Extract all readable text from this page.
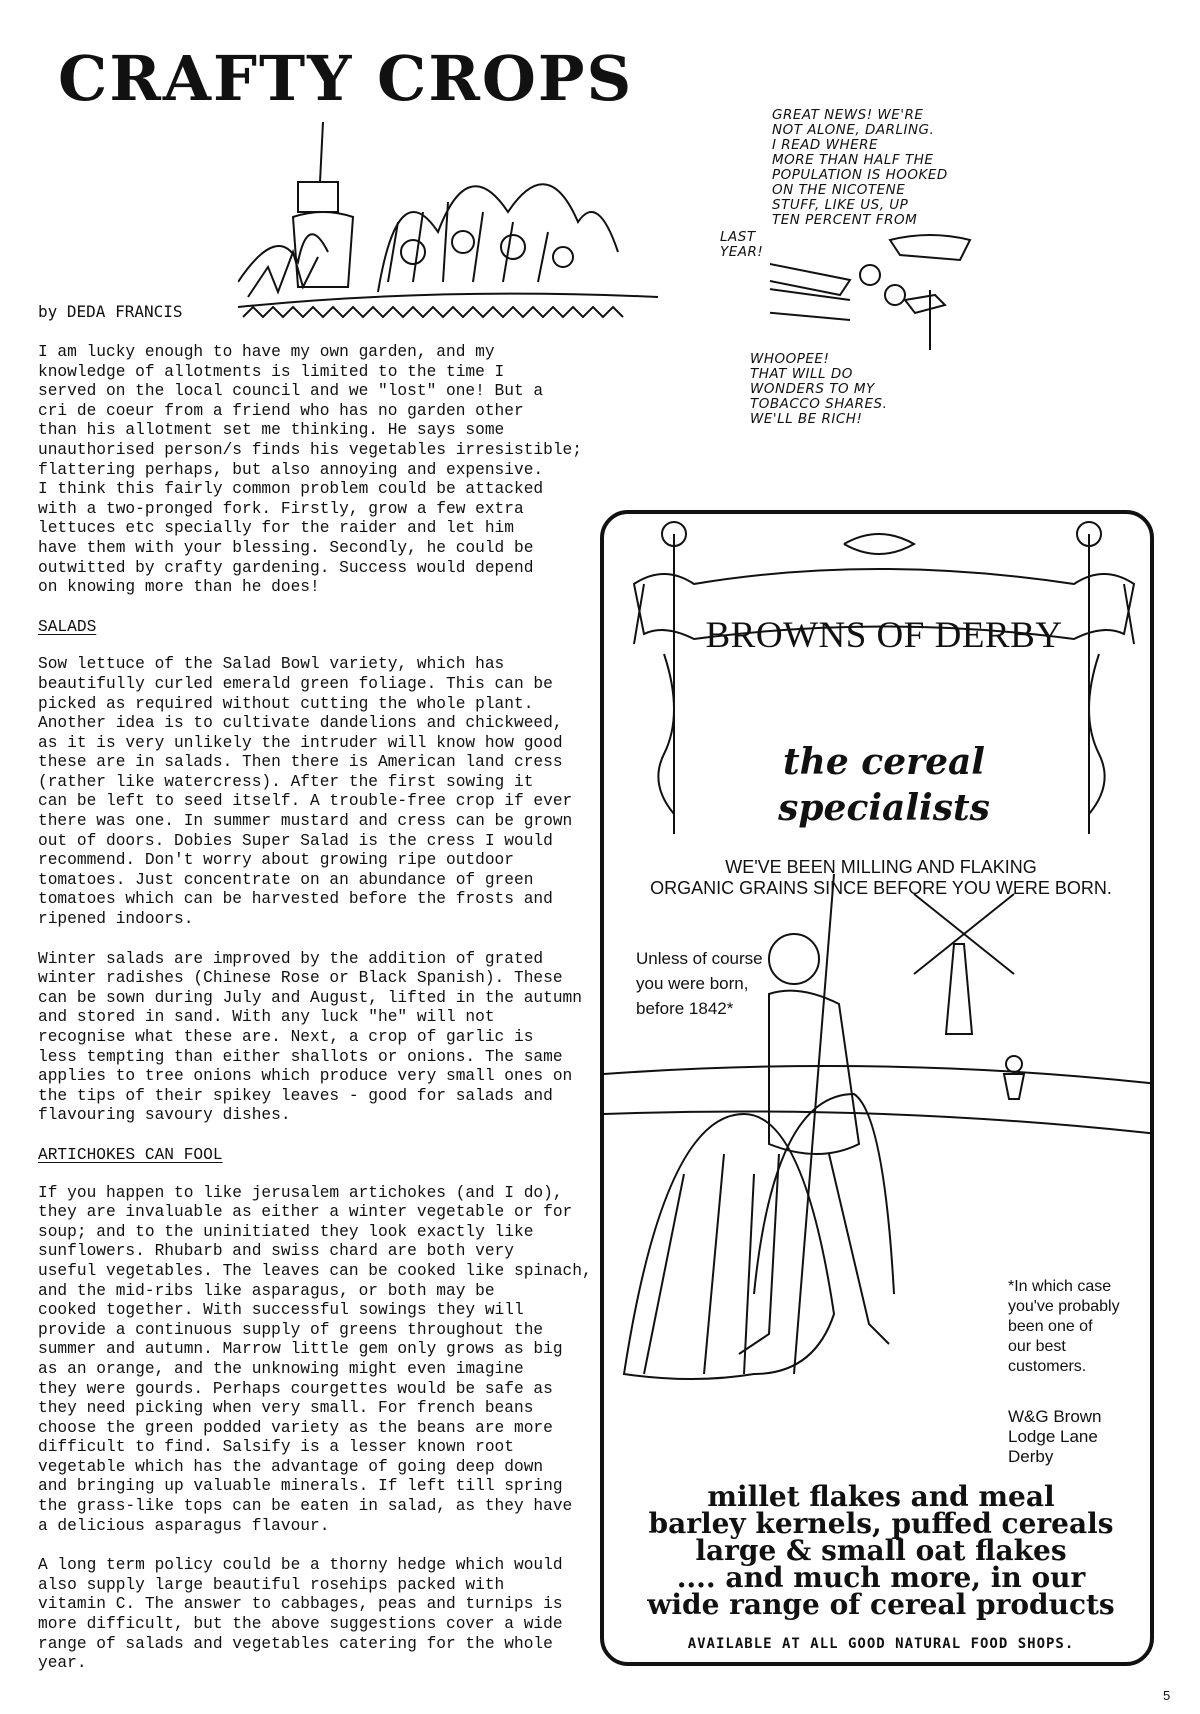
CRAFTY CROPS
by DEDA FRANCIS

I am lucky enough to have my own garden, and my
knowledge of allotments is limited to the time I
served on the local council and we "lost" one! But a
cri de coeur from a friend who has no garden other
than his allotment set me thinking. He says some
unauthorised person/s finds his vegetables irresistible;
flattering perhaps, but also annoying and expensive.
I think this fairly common problem could be attacked
with a two-pronged fork. Firstly, grow a few extra
lettuces etc specially for the raider and let him
have them with your blessing. Secondly, he could be
outwitted by crafty gardening. Success would depend
on knowing more than he does!

SALADS

Sow lettuce of the Salad Bowl variety, which has
beautifully curled emerald green foliage. This can be
picked as required without cutting the whole plant.
Another idea is to cultivate dandelions and chickweed,
as it is very unlikely the intruder will know how good
these are in salads. Then there is American land cress
(rather like watercress). After the first sowing it
can be left to seed itself. A trouble-free crop if ever
there was one. In summer mustard and cress can be grown
out of doors. Dobies Super Salad is the cress I would
recommend. Don't worry about growing ripe outdoor
tomatoes. Just concentrate on an abundance of green
tomatoes which can be harvested before the frosts and
ripened indoors.

Winter salads are improved by the addition of grated
winter radishes (Chinese Rose or Black Spanish). These
can be sown during July and August, lifted in the autumn
and stored in sand. With any luck "he" will not
recognise what these are. Next, a crop of garlic is
less tempting than either shallots or onions. The same
applies to tree onions which produce very small ones on
the tips of their spikey leaves - good for salads and
flavouring savoury dishes.

ARTICHOKES CAN FOOL

If you happen to like jerusalem artichokes (and I do),
they are invaluable as either a winter vegetable or for
soup; and to the uninitiated they look exactly like
sunflowers. Rhubarb and swiss chard are both very
useful vegetables. The leaves can be cooked like spinach,
and the mid-ribs like asparagus, or both may be
cooked together. With successful sowings they will
provide a continuous supply of greens throughout the
summer and autumn. Marrow little gem only grows as big
as an orange, and the unknowing might even imagine
they were gourds. Perhaps courgettes would be safe as
they need picking when very small. For french beans
choose the green podded variety as the beans are more
difficult to find. Salsify is a lesser known root
vegetable which has the advantage of going deep down
and bringing up valuable minerals. If left till spring
the grass-like tops can be eaten in salad, as they have
a delicious asparagus flavour.

A long term policy could be a thorny hedge which would
also supply large beautiful rosehips packed with
vitamin C. The answer to cabbages, peas and turnips is
more difficult, but the above suggestions cover a wide
range of salads and vegetables catering for the whole
year.

GREAT NEWS! WE'RE
NOT ALONE, DARLING.
I READ WHERE
MORE THAN HALF THE
POPULATION IS HOOKED
ON THE NICOTENE
STUFF, LIKE US, UP
TEN PERCENT FROM
LAST
YEAR!
WHOOPEE!
THAT WILL DO
WONDERS TO MY
TOBACCO SHARES.
WE'LL BE RICH!
BROWNS OF DERBY
the cereal specialists
WE'VE BEEN MILLING AND FLAKING
ORGANIC GRAINS SINCE BEFORE YOU WERE BORN.
Unless of course
you were born,
before 1842*
*In which case
you've probably
been one of
our best
customers.
W&G Brown
Lodge Lane
Derby
millet flakes and meal
barley kernels, puffed cereals
large & small oat flakes
.... and much more, in our
wide range of cereal products
AVAILABLE AT ALL GOOD NATURAL FOOD SHOPS.
5
